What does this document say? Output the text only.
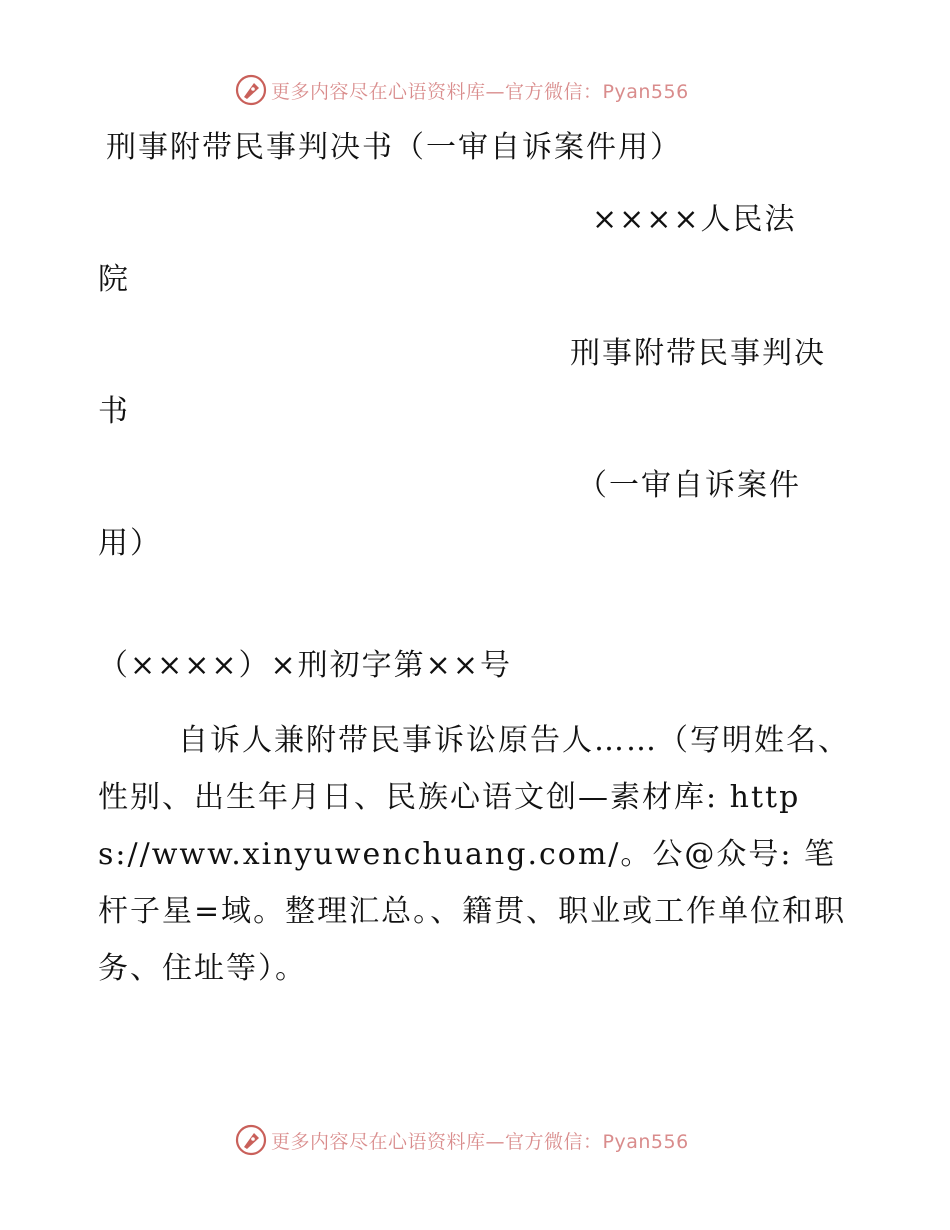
更多内容尽在心语资料库—官方微信：Pyan556
刑事附带民事判决书（一审自诉案件用）
××××人民法
院
刑事附带民事判决
书
（一审自诉案件
用）
（××××）×刑初字第××号
自诉人兼附带民事诉讼原告人……（写明姓名、性别、出生年月日、民族心语文创—素材库: https://www.xinyuwenchuang.com/。公@众号: 笔杆子星=域。整理汇总。、籍贯、职业或工作单位和职务、住址等）。
更多内容尽在心语资料库—官方微信：Pyan556
